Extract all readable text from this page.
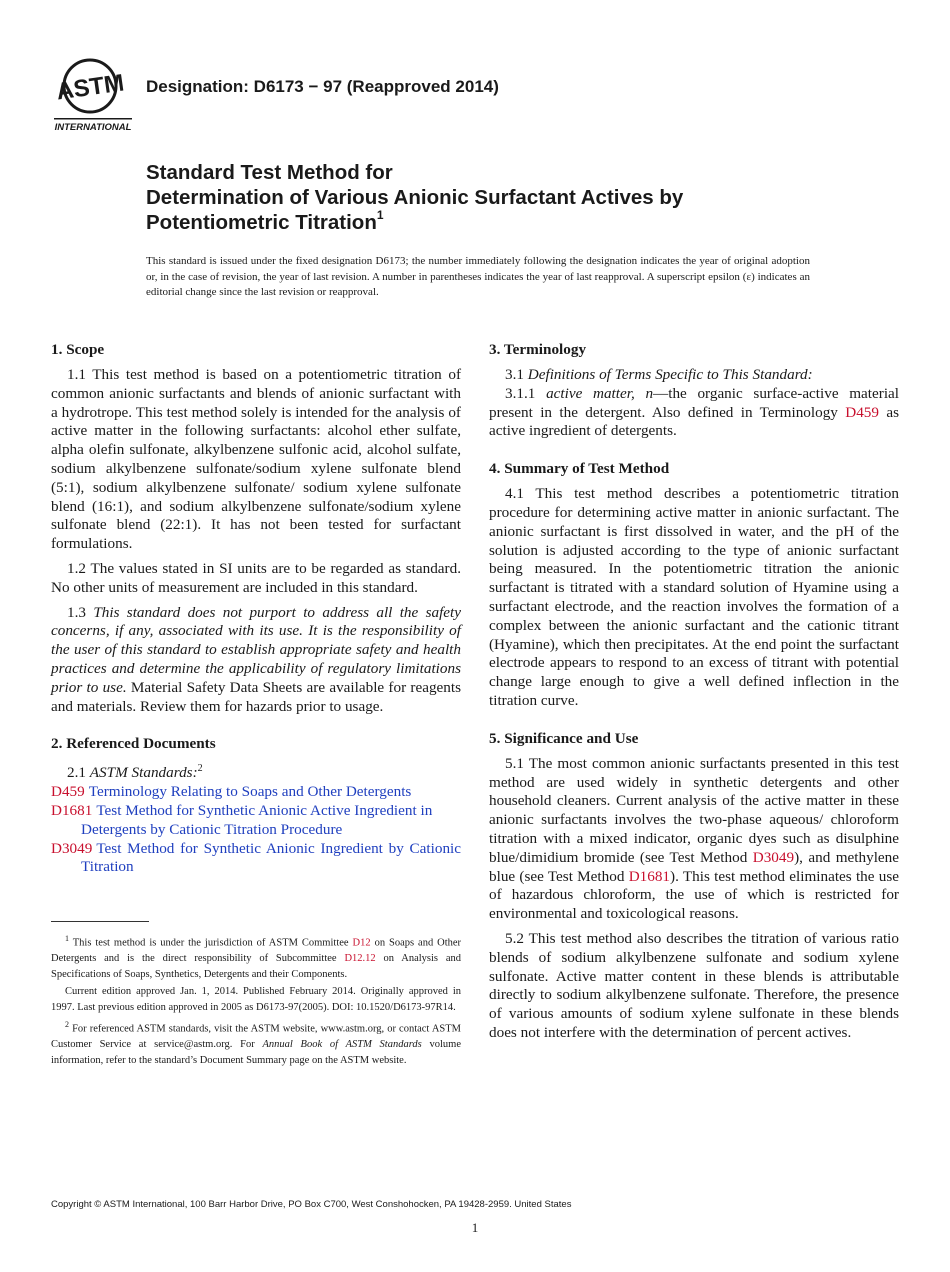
ASTM
INTERNATIONAL
Designation: D6173 − 97 (Reapproved 2014)
Standard Test Method for
Determination of Various Anionic Surfactant Actives by
Potentiometric Titration$^1$
This standard is issued under the fixed designation D6173; the number immediately following the designation indicates the year of original adoption or, in the case of revision, the year of last revision. A number in parentheses indicates the year of last reapproval. A superscript epsilon (ε) indicates an editorial change since the last revision or reapproval.
1. Scope

1.1 This test method is based on a potentiometric titration of common anionic surfactants and blends of anionic surfactant with a hydrotrope. This test method solely is intended for the analysis of active matter in the following surfactants: alcohol ether sulfate, alpha olefin sulfonate, alkylbenzene sulfonic acid, alcohol sulfate, sodium alkylbenzene sulfonate/sodium xylene sulfonate blend (5:1), sodium alkylbenzene sulfonate/ sodium xylene sulfonate blend (16:1), and sodium alkylbenzene sulfonate/sodium xylene sulfonate blend (22:1). It has not been tested for surfactant formulations.

1.2 The values stated in SI units are to be regarded as standard. No other units of measurement are included in this standard.

1.3 This standard does not purport to address all the safety concerns, if any, associated with its use. It is the responsibility of the user of this standard to establish appropriate safety and health practices and determine the applicability of regulatory limitations prior to use. Material Safety Data Sheets are available for reagents and materials. Review them for hazards prior to usage.

2. Referenced Documents

2.1 ASTM Standards:$^2$

D459 Terminology Relating to Soaps and Other Detergents
D1681 Test Method for Synthetic Anionic Active Ingredient in Detergents by Cationic Titration Procedure
D3049 Test Method for Synthetic Anionic Ingredient by Cationic Titration

$^1$ This test method is under the jurisdiction of ASTM Committee D12 on Soaps and Other Detergents and is the direct responsibility of Subcommittee D12.12 on Analysis and Specifications of Soaps, Synthetics, Detergents and their Components.

Current edition approved Jan. 1, 2014. Published February 2014. Originally approved in 1997. Last previous edition approved in 2005 as D6173-97(2005). DOI: 10.1520/D6173-97R14.

$^2$ For referenced ASTM standards, visit the ASTM website, www.astm.org, or contact ASTM Customer Service at service@astm.org. For Annual Book of ASTM Standards volume information, refer to the standard’s Document Summary page on the ASTM website.

3. Terminology

3.1 Definitions of Terms Specific to This Standard:

3.1.1 active matter, n—the organic surface-active material present in the detergent. Also defined in Terminology D459 as active ingredient of detergents.

4. Summary of Test Method

4.1 This test method describes a potentiometric titration procedure for determining active matter in anionic surfactant. The anionic surfactant is first dissolved in water, and the pH of the solution is adjusted according to the type of anionic surfactant being measured. In the potentiometric titration the anionic surfactant is titrated with a standard solution of Hyamine using a surfactant electrode, and the reaction involves the formation of a complex between the anionic surfactant and the cationic titrant (Hyamine), which then precipitates. At the end point the surfactant electrode appears to respond to an excess of titrant with potential change large enough to give a well defined inflection in the titration curve.

5. Significance and Use

5.1 The most common anionic surfactants presented in this test method are used widely in synthetic detergents and other household cleaners. Current analysis of the active matter in these anionic surfactants involves the two-phase aqueous/ chloroform titration with a mixed indicator, organic dyes such as disulphine blue/dimidium bromide (see Test Method D3049), and methylene blue (see Test Method D1681). This test method eliminates the use of hazardous chloroform, the use of which is restricted for environmental and toxicological reasons.

5.2 This test method also describes the titration of various ratio blends of sodium alkylbenzene sulfonate and sodium xylene sulfonate. Active matter content in these blends is attributable directly to sodium alkylbenzene sulfonate. Therefore, the presence of various amounts of sodium xylene sulfonate in these blends does not interfere with the determination of percent actives.

Copyright © ASTM International, 100 Barr Harbor Drive, PO Box C700, West Conshohocken, PA 19428-2959. United States
1
